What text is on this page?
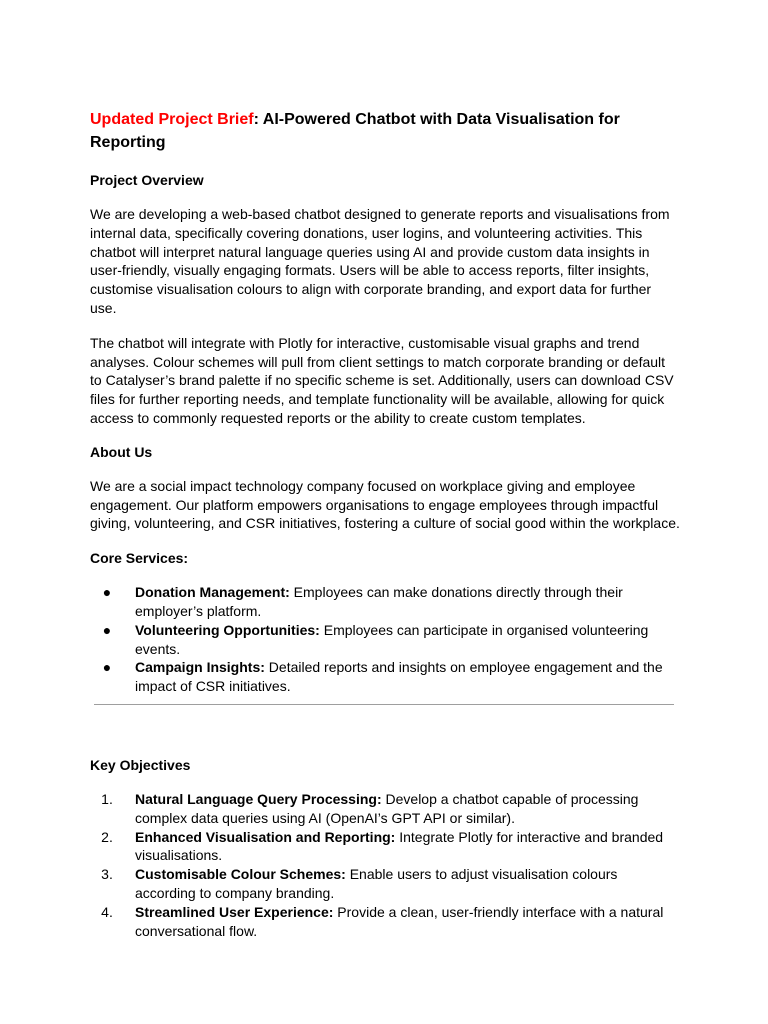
Updated Project Brief: AI-Powered Chatbot with Data Visualisation for Reporting
Project Overview

We are developing a web-based chatbot designed to generate reports and visualisations from internal data, specifically covering donations, user logins, and volunteering activities. This chatbot will interpret natural language queries using AI and provide custom data insights in user-friendly, visually engaging formats. Users will be able to access reports, filter insights, customise visualisation colours to align with corporate branding, and export data for further use.

The chatbot will integrate with Plotly for interactive, customisable visual graphs and trend analyses. Colour schemes will pull from client settings to match corporate branding or default to Catalyser’s brand palette if no specific scheme is set. Additionally, users can download CSV files for further reporting needs, and template functionality will be available, allowing for quick access to commonly requested reports or the ability to create custom templates.

About Us

We are a social impact technology company focused on workplace giving and employee engagement. Our platform empowers organisations to engage employees through impactful giving, volunteering, and CSR initiatives, fostering a culture of social good within the workplace.

Core Services:
●	Donation Management: Employees can make donations directly through their employer’s platform.
●	Volunteering Opportunities: Employees can participate in organised volunteering events.
●	Campaign Insights: Detailed reports and insights on employee engagement and the impact of CSR initiatives.
Key Objectives
1.	Natural Language Query Processing: Develop a chatbot capable of processing complex data queries using AI (OpenAI’s GPT API or similar).
2.	Enhanced Visualisation and Reporting: Integrate Plotly for interactive and branded visualisations.
3.	Customisable Colour Schemes: Enable users to adjust visualisation colours according to company branding.
4.	Streamlined User Experience: Provide a clean, user-friendly interface with a natural conversational flow.
